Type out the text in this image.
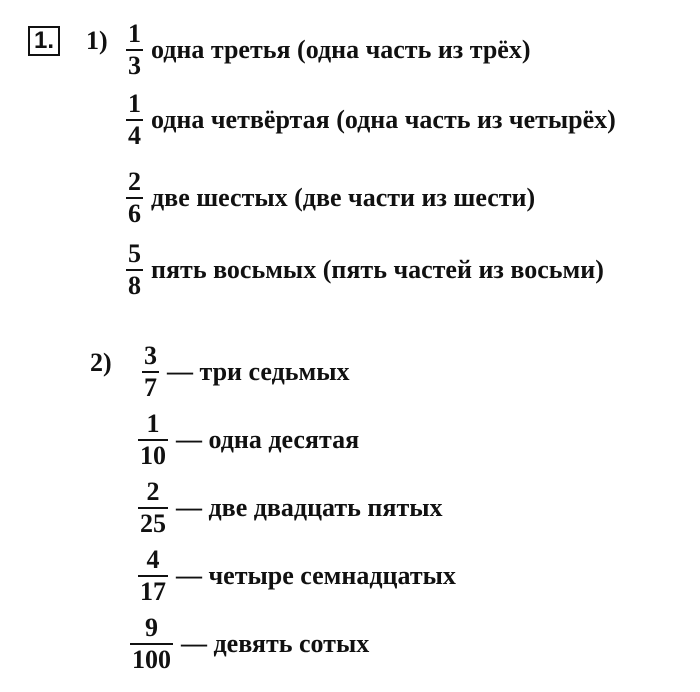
1. $1) \frac{1}{3}$ одна третья (одна часть из трёх)
$\frac{1}{4}$ одна четвёртая (одна часть из четырёх)
$\frac{2}{6}$ две шестых (две части из шести)
$\frac{5}{8}$ пять восьмых (пять частей из восьми)
$2) \frac{3}{7}$ — три седьмых
$\frac{1}{10}$ — одна десятая
$\frac{2}{25}$ — две двадцать пятых
$\frac{4}{17}$ — четыре семнадцатых
$\frac{9}{100}$ — девять сотых
